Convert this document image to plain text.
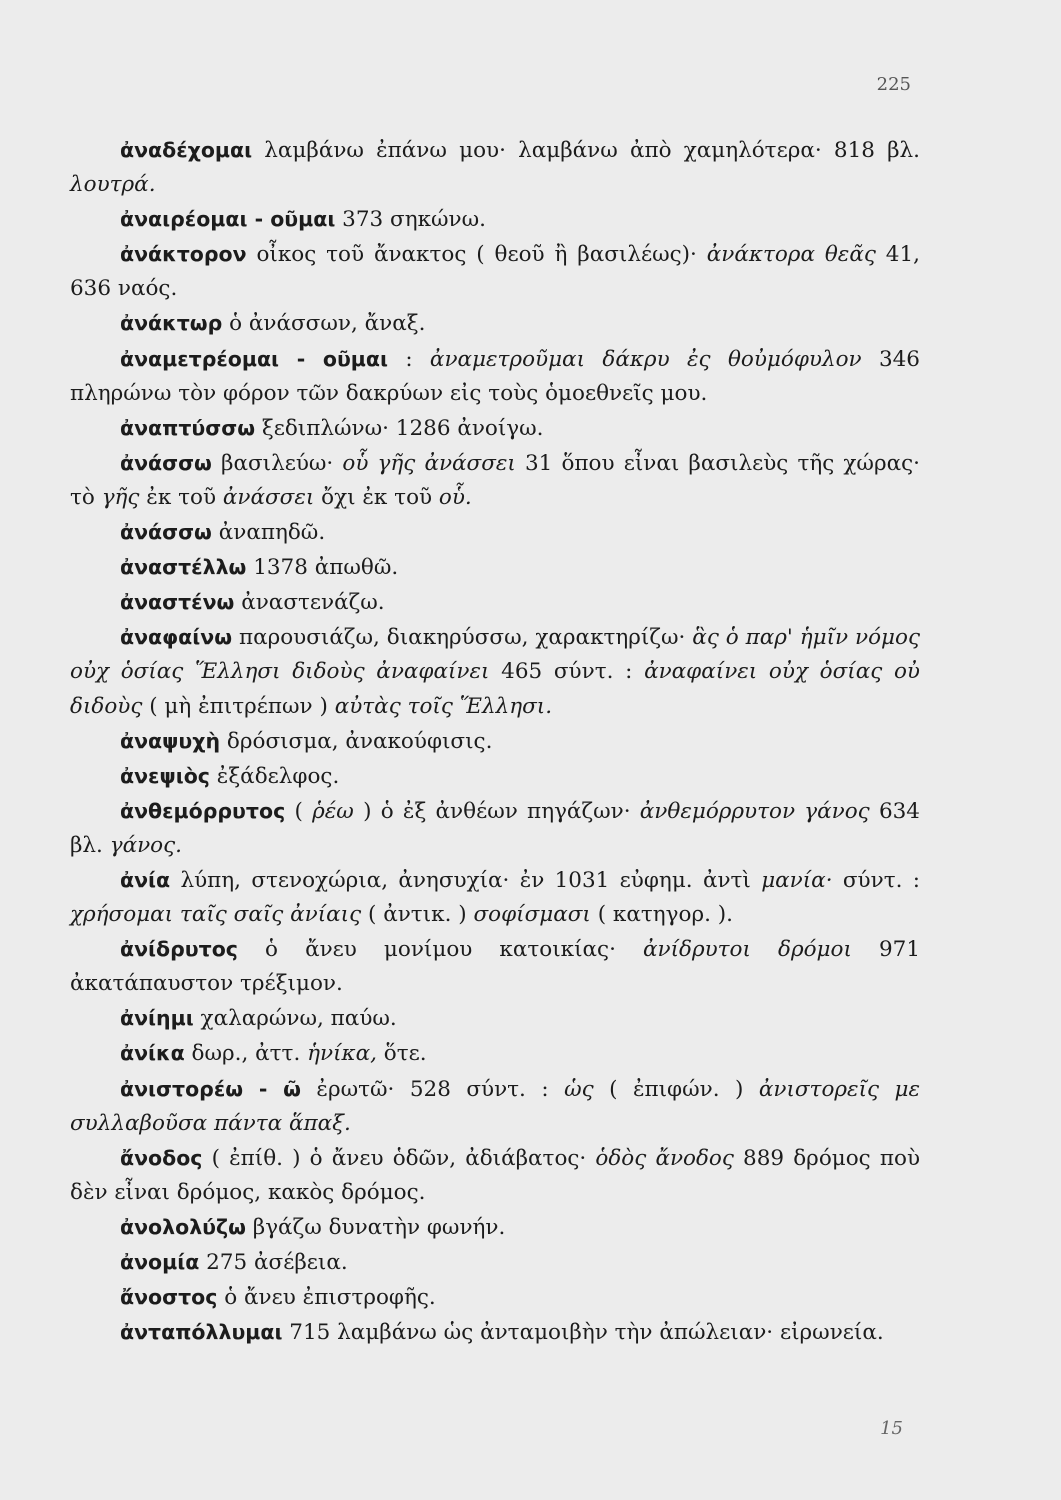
225

ἀναδέχομαι λαμβάνω ἐπάνω μου· λαμβάνω ἀπὸ χαμηλότερα· 818 βλ. λουτρά.

ἀναιρέομαι - οῦμαι 373 σηκώνω.

ἀνάκτορον οἶκος τοῦ ἄνακτος ( θεοῦ ἢ βασιλέως)· ἀνάκτορα θεᾶς 41, 636 ναός.

ἀνάκτωρ ὁ ἀνάσσων, ἄναξ.

ἀναμετρέομαι - οῦμαι : ἀναμετροῦμαι δάκρυ ἐς θοὐμόφυλον 346 πληρώνω τὸν φόρον τῶν δακρύων εἰς τοὺς ὁμοεθνεῖς μου.

ἀναπτύσσω ξεδιπλώνω· 1286 ἀνοίγω.

ἀνάσσω βασιλεύω· οὗ γῆς ἀνάσσει 31 ὅπου εἶναι βασιλεὺς τῆς χώρας· τὸ γῆς ἐκ τοῦ ἀνάσσει ὄχι ἐκ τοῦ οὗ.

ἀνάσσω ἀναπηδῶ.

ἀναστέλλω 1378 ἀπωθῶ.

ἀναστένω ἀναστενάζω.

ἀναφαίνω παρουσιάζω, διακηρύσσω, χαρακτηρίζω· ἃς ὁ παρ' ἡμῖν νόμος οὐχ ὁσίας Ἕλλησι διδοὺς ἀναφαίνει 465 σύντ. : ἀναφαίνει οὐχ ὁσίας οὐ διδοὺς ( μὴ ἐπιτρέπων ) αὐτὰς τοῖς Ἕλλησι.

ἀναψυχὴ δρόσισμα, ἀνακούφισις.

ἀνεψιὸς ἐξάδελφος.

ἀνθεμόρρυτος ( ῥέω ) ὁ ἐξ ἀνθέων πηγάζων· ἀνθεμόρρυτον γάνος 634 βλ. γάνος.

ἀνία λύπη, στενοχώρια, ἀνησυχία· ἐν 1031 εὐφημ. ἀντὶ μανία· σύντ. : χρήσομαι ταῖς σαῖς ἀνίαις ( ἀντικ. ) σοφίσμασι ( κατηγορ. ).

ἀνίδρυτος ὁ ἄνευ μονίμου κατοικίας· ἀνίδρυτοι δρόμοι 971 ἀκατάπαυστον τρέξιμον.

ἀνίημι χαλαρώνω, παύω.

ἀνίκα δωρ., ἀττ. ἡνίκα, ὅτε.

ἀνιστορέω - ῶ ἐρωτῶ· 528 σύντ. : ὡς ( ἐπιφών. ) ἀνιστορεῖς με συλλαβοῦσα πάντα ἅπαξ.

ἄνοδος ( ἐπίθ. ) ὁ ἄνευ ὁδῶν, ἀδιάβατος· ὁδὸς ἄνοδος 889 δρόμος ποὺ δὲν εἶναι δρόμος, κακὸς δρόμος.

ἀνολολύζω βγάζω δυνατὴν φωνήν.

ἀνομία 275 ἀσέβεια.

ἄνοστος ὁ ἄνευ ἐπιστροφῆς.

ἀνταπόλλυμαι 715 λαμβάνω ὡς ἀνταμοιβὴν τὴν ἀπώλειαν· εἰρωνεία.

15
